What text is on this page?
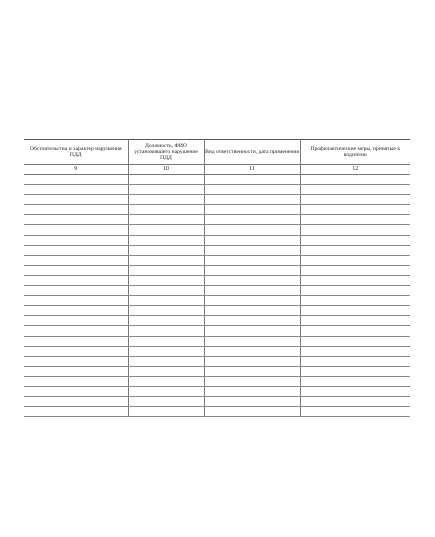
Обстоятельства и характер нарушения ПДД	Должность, ФИО установившего нарушение ПДД	Вид ответственности, дата применения	Профилактические меры, принятые к водителю
9	10	11	12
